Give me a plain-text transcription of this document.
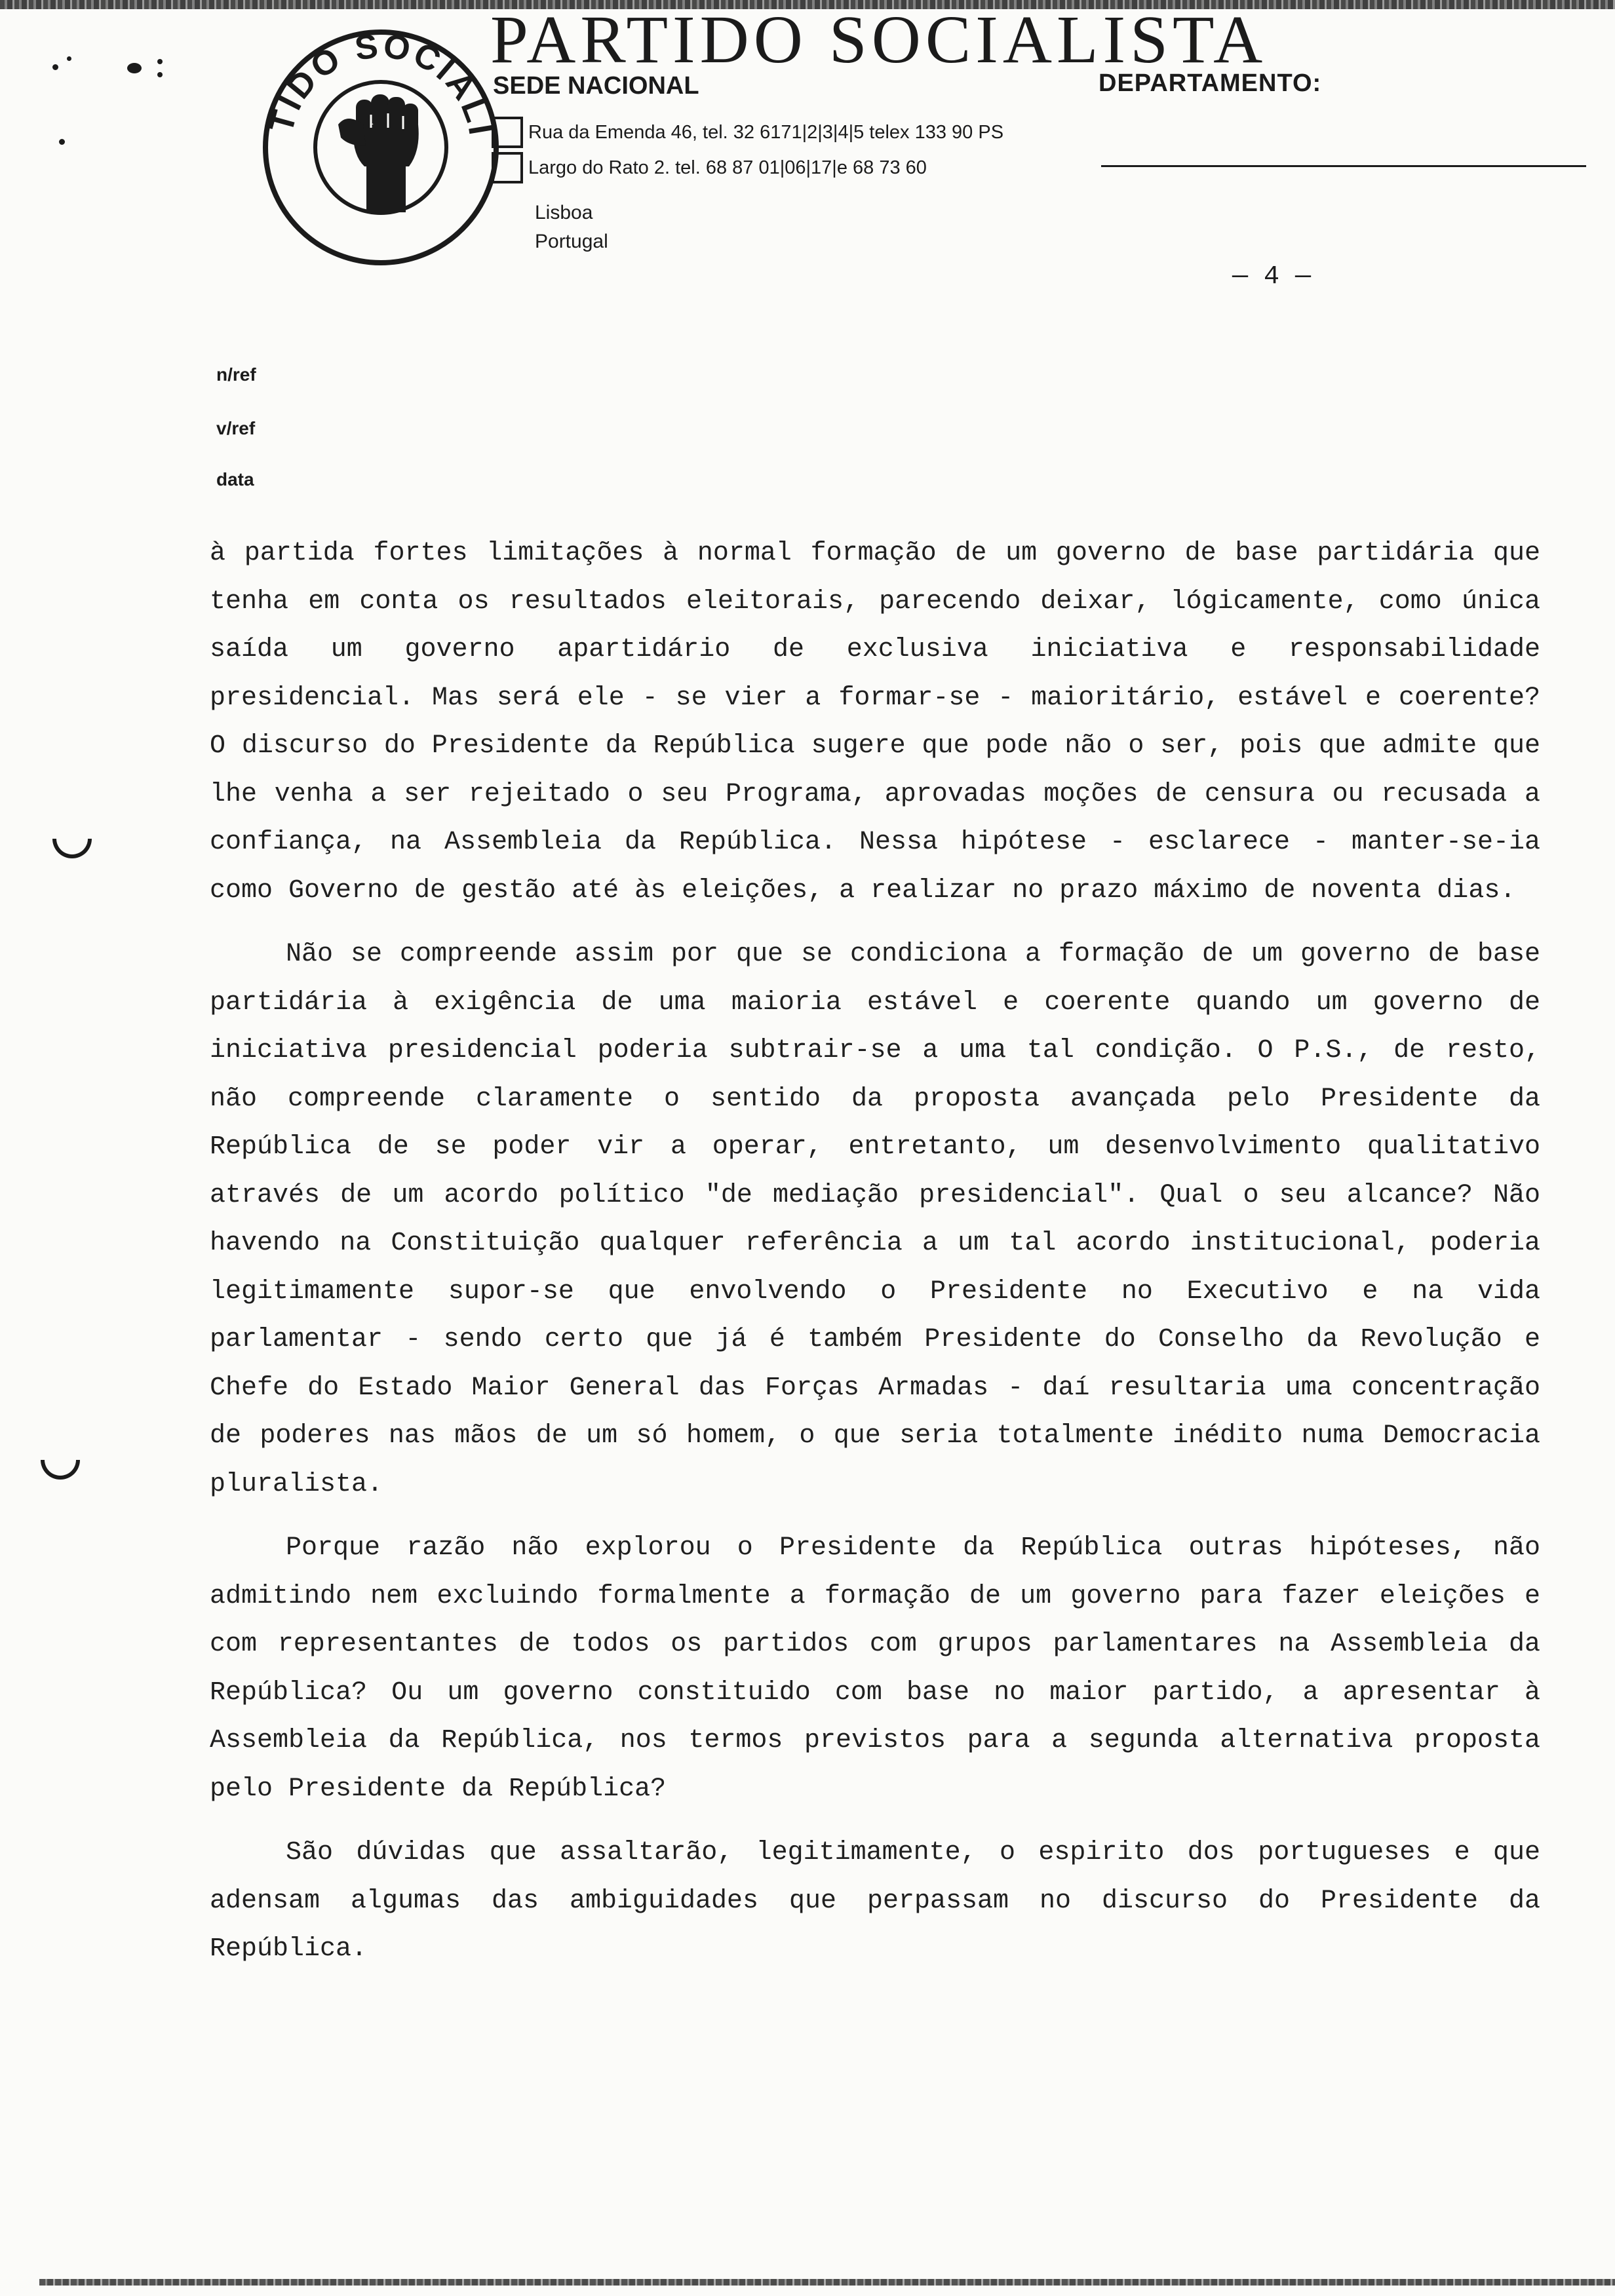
TIDO SOCIALI
PARTIDO SOCIALISTA
SEDE NACIONAL	DEPARTAMENTO:
Rua da Emenda 46, tel. 32 6171|2|3|4|5 telex 133 90 PS
Largo do Rato 2. tel. 68 87 01|06|17|e 68 73 60
Lisboa
Portugal
— 4 —
n/ref
v/ref
data

à partida fortes limitações à normal formação de um governo de base partidária que tenha em conta os resultados eleitorais, parecendo deixar, lógicamente, como única saída um governo apartidário de exclusiva iniciativa e responsabilidade presidencial. Mas será ele - se vier a formar-se - maioritário, estável e coerente? O discurso do Presidente da República sugere que pode não o ser, pois que admite que lhe venha a ser rejeitado o seu Programa, aprovadas moções de censura ou recusada a confiança, na Assembleia da República. Nessa hipótese - esclarece - manter-se-ia como Governo de gestão até às eleições, a realizar no prazo máximo de noventa dias.

Não se compreende assim por que se condiciona a formação de um governo de base partidária à exigência de uma maioria estável e coerente quando um governo de iniciativa presidencial poderia subtrair-se a uma tal condição. O P.S., de resto, não compreende claramente o sentido da proposta avançada pelo Presidente da República de se poder vir a operar, entretanto, um desenvolvimento qualitativo através de um acordo político "de mediação presidencial". Qual o seu alcance? Não havendo na Constituição qualquer referência a um tal acordo institucional, poderia legitimamente supor-se que envolvendo o Presidente no Executivo e na vida parlamentar - sendo certo que já é também Presidente do Conselho da Revolução e Chefe do Estado Maior General das Forças Armadas - daí resultaria uma concentração de poderes nas mãos de um só homem, o que seria totalmente inédito numa Democracia pluralista.

Porque razão não explorou o Presidente da República outras hipóteses, não admitindo nem excluindo formalmente a formação de um governo para fazer eleições e com representantes de todos os partidos com grupos parlamentares na Assembleia da República? Ou um governo constituido com base no maior partido, a apresentar à Assembleia da República, nos termos previstos para a segunda alternativa proposta pelo Presidente da República?

São dúvidas que assaltarão, legitimamente, o espirito dos portugueses e que adensam algumas das ambiguidades que perpassam no discurso do Presidente da República.
